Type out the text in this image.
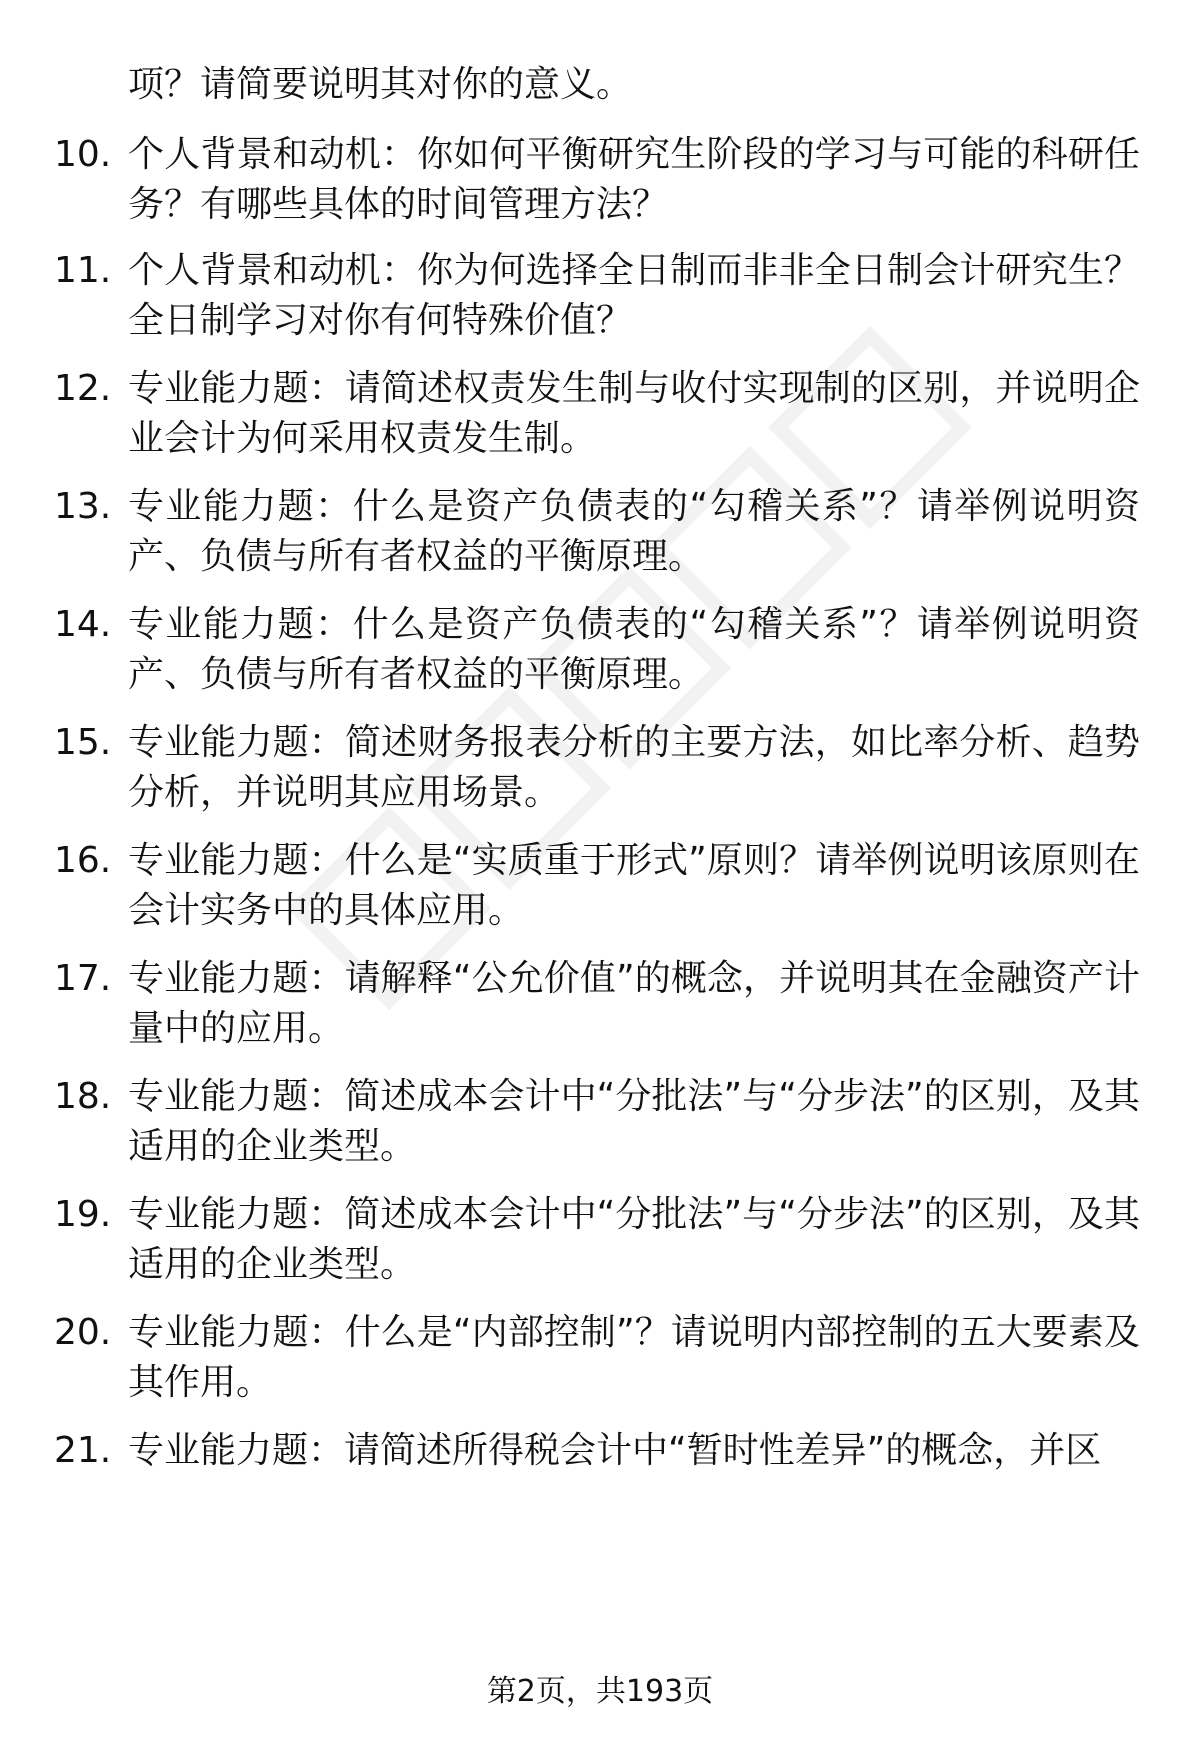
项？请简要说明其对你的意义。
10. 个人背景和动机：你如何平衡研究生阶段的学习与可能的科研任务？有哪些具体的时间管理方法？
11. 个人背景和动机：你为何选择全日制而非非全日制会计研究生？全日制学习对你有何特殊价值？
12. 专业能力题：请简述权责发生制与收付实现制的区别，并说明企业会计为何采用权责发生制。
13. 专业能力题：什么是资产负债表的“勾稽关系”？请举例说明资产、负债与所有者权益的平衡原理。
14. 专业能力题：什么是资产负债表的“勾稽关系”？请举例说明资产、负债与所有者权益的平衡原理。
15. 专业能力题：简述财务报表分析的主要方法，如比率分析、趋势分析，并说明其应用场景。
16. 专业能力题：什么是“实质重于形式”原则？请举例说明该原则在会计实务中的具体应用。
17. 专业能力题：请解释“公允价值”的概念，并说明其在金融资产计量中的应用。
18. 专业能力题：简述成本会计中“分批法”与“分步法”的区别，及其适用的企业类型。
19. 专业能力题：简述成本会计中“分批法”与“分步法”的区别，及其适用的企业类型。
20. 专业能力题：什么是“内部控制”？请说明内部控制的五大要素及其作用。
21. 专业能力题：请简述所得税会计中“暂时性差异”的概念，并区
第2页，共193页
